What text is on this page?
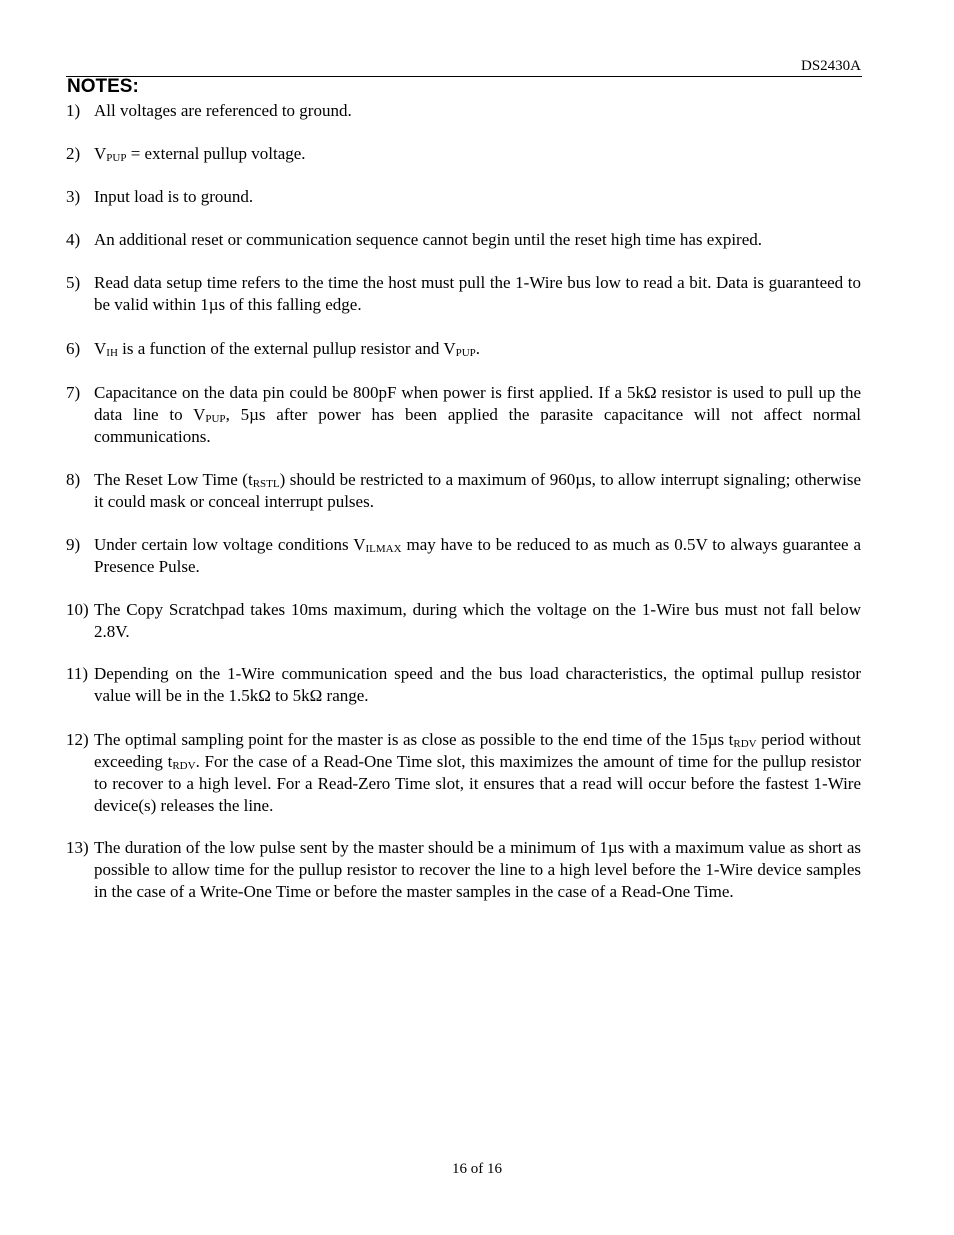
DS2430A
NOTES:
1) All voltages are referenced to ground.
2) $V_{PUP}$ = external pullup voltage.
3) Input load is to ground.
4) An additional reset or communication sequence cannot begin until the reset high time has expired.
5) Read data setup time refers to the time the host must pull the 1-Wire bus low to read a bit. Data is guaranteed to be valid within 1µs of this falling edge.
6) $V_{IH}$ is a function of the external pullup resistor and $V_{PUP}$.
7) Capacitance on the data pin could be 800pF when power is first applied. If a 5kΩ resistor is used to pull up the data line to $V_{PUP}$, 5µs after power has been applied the parasite capacitance will not affect normal communications.
8) The Reset Low Time $(t_{RSTL})$ should be restricted to a maximum of 960µs, to allow interrupt signaling; otherwise it could mask or conceal interrupt pulses.
9) Under certain low voltage conditions $V_{ILMAX}$ may have to be reduced to as much as 0.5V to always guarantee a Presence Pulse.
10) The Copy Scratchpad takes 10ms maximum, during which the voltage on the 1-Wire bus must not fall below 2.8V.
11) Depending on the 1-Wire communication speed and the bus load characteristics, the optimal pullup resistor value will be in the 1.5kΩ to 5kΩ range.
12) The optimal sampling point for the master is as close as possible to the end time of the 15µs $t_{RDV}$ period without exceeding $t_{RDV}$. For the case of a Read-One Time slot, this maximizes the amount of time for the pullup resistor to recover to a high level. For a Read-Zero Time slot, it ensures that a read will occur before the fastest 1-Wire device(s) releases the line.
13) The duration of the low pulse sent by the master should be a minimum of 1µs with a maximum value as short as possible to allow time for the pullup resistor to recover the line to a high level before the 1-Wire device samples in the case of a Write-One Time or before the master samples in the case of a Read-One Time.
16 of 16
